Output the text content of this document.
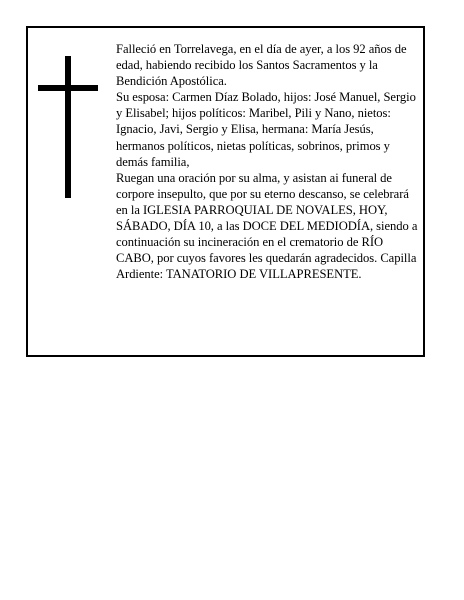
Falleció en Torrelavega, en el día de ayer, a los 92 años de edad, habiendo recibido los Santos Sacramentos y la Bendición Apostólica.

Su esposa: Carmen Díaz Bolado, hijos: José Manuel, Sergio y Elisabel; hijos políticos: Maribel, Pili y Nano, nietos: Ignacio, Javi, Sergio y Elisa, hermana: María Jesús, hermanos políticos, nietas políticas, sobrinos, primos y demás familia,

Ruegan una oración por su alma, y asistan ai funeral de corpore insepulto, que por su eterno descanso, se celebrará en la IGLESIA PARROQUIAL DE NOVALES, HOY, SÁBADO, DÍA 10, a las DOCE DEL MEDIODÍA, siendo a continuación su incineración en el crematorio de RÍO CABO, por cuyos favores les quedarán agradecidos. Capilla Ardiente: TANATORIO DE VILLAPRESENTE.
